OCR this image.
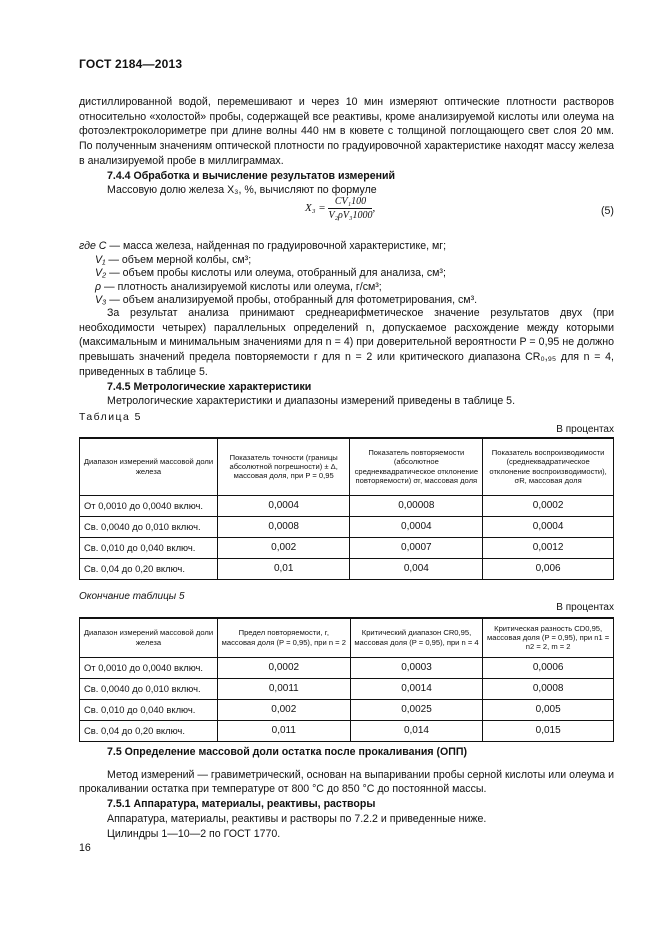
ГОСТ 2184—2013

дистиллированной водой, перемешивают и через 10 мин измеряют оптические плотности растворов относительно «холостой» пробы, содержащей все реактивы, кроме анализируемой кислоты или олеума на фотоэлектроколориметре при длине волны 440 нм в кювете с толщиной поглощающего свет слоя 20 мм. По полученным значениям оптической плотности по градуировочной характеристике находят массу железа в анализируемой пробе в миллиграммах.

7.4.4 Обработка и вычисление результатов измерений

Массовую долю железа X₃, %, вычисляют по формуле

$X_3 = \frac{\text{CV₁100}}{\text{V₂ρV₃1000}}$ ,	(5)
где C — масса железа, найденная по градуировочной характеристике, мг;
V₁ — объем мерной колбы, см³;
V₂ — объем пробы кислоты или олеума, отобранный для анализа, см³;
ρ — плотность анализируемой кислоты или олеума, г/см³;
V₃ — объем анализируемой пробы, отобранный для фотометрирования, см³.

За результат анализа принимают среднеарифметическое значение результатов двух (при необходимости четырех) параллельных определений n, допускаемое расхождение между которыми (максимальным и минимальным значениями для n = 4) при доверительной вероятности P = 0,95 не должно превышать значений предела повторяемости r для n = 2 или критического диапазона CR₀,₉₅ для n = 4, приведенных в таблице 5.

7.4.5 Метрологические характеристики

Метрологические характеристики и диапазоны измерений приведены в таблице 5.

Таблица 5
В процентах
Диапазон измерений массовой доли железа	Показатель точности (границы абсолютной погрешности) ± Δ, массовая доля, при P = 0,95	Показатель повторяемости (абсолютное среднеквадратическое отклонение повторяемости) σr, массовая доля	Показатель воспроизводимости (среднеквадратическое отклонение воспроизводимости), σR, массовая доля
От 0,0010 до 0,0040 включ.	0,0004	0,00008	0,0002
Св. 0,0040 до 0,010 включ.	0,0008	0,0004	0,0004
Св. 0,010 до 0,040 включ.	0,002	0,0007	0,0012
Св. 0,04 до 0,20 включ.	0,01	0,004	0,006
Окончание таблицы 5
В процентах
Диапазон измерений массовой доли железа	Предел повторяемости, r, массовая доля (P = 0,95), при n = 2	Критический диапазон CR0,95, массовая доля (P = 0,95), при n = 4	Критическая разность CD0,95, массовая доля (P = 0,95), при n1 = n2 = 2, m = 2
От 0,0010 до 0,0040 включ.	0,0002	0,0003	0,0006
Св. 0,0040 до 0,010 включ.	0,0011	0,0014	0,0008
Св. 0,010 до 0,040 включ.	0,002	0,0025	0,005
Св. 0,04 до 0,20 включ.	0,011	0,014	0,015

7.5 Определение массовой доли остатка после прокаливания (ОПП)

Метод измерений — гравиметрический, основан на выпаривании пробы серной кислоты или олеума и прокаливании остатка при температуре от 800 °С до 850 °С до постоянной массы.

7.5.1 Аппаратура, материалы, реактивы, растворы

Аппаратура, материалы, реактивы и растворы по 7.2.2 и приведенные ниже.

Цилиндры 1—10—2 по ГОСТ 1770.

16
